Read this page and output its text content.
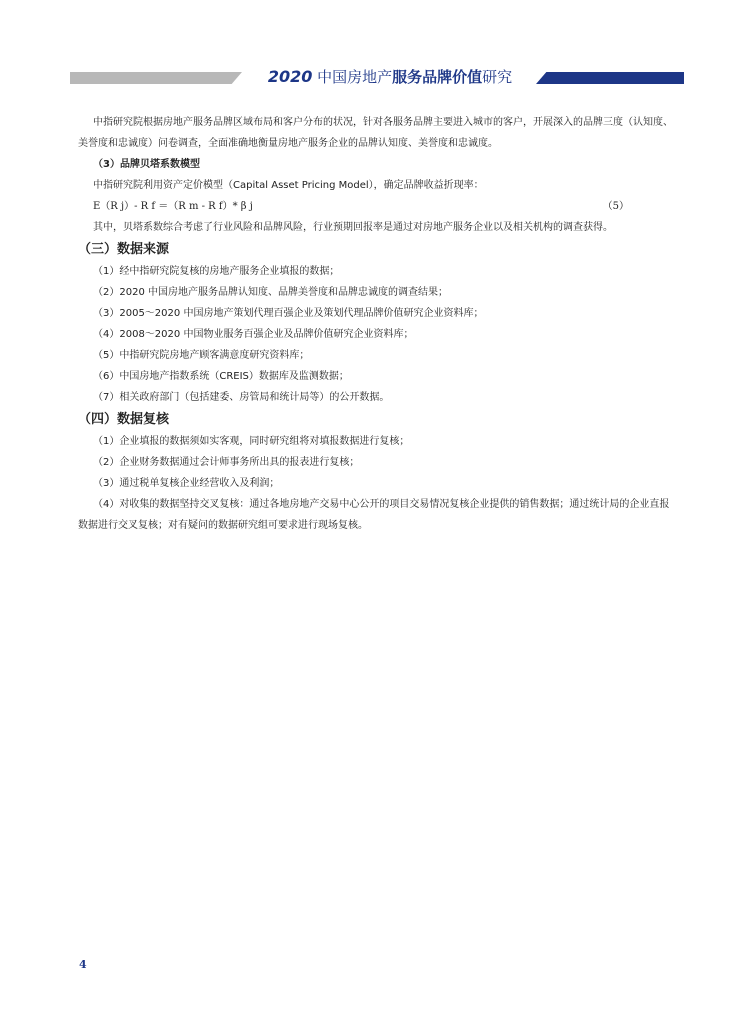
2020 中国房地产服务品牌价值研究

中指研究院根据房地产服务品牌区域布局和客户分布的状况，针对各服务品牌主要进入城市的客户，开展深入的品牌三度（认知度、美誉度和忠诚度）问卷调查，全面准确地衡量房地产服务企业的品牌认知度、美誉度和忠诚度。

（3）品牌贝塔系数模型

中指研究院利用资产定价模型（Capital Asset Pricing Model），确定品牌收益折现率：

E（R j）- R f ＝（R m - R f）* β j	（5）

其中，贝塔系数综合考虑了行业风险和品牌风险，行业预期回报率是通过对房地产服务企业以及相关机构的调查获得。

（三）数据来源

（1）经中指研究院复核的房地产服务企业填报的数据；

（2）2020 中国房地产服务品牌认知度、品牌美誉度和品牌忠诚度的调查结果；

（3）2005～2020 中国房地产策划代理百强企业及策划代理品牌价值研究企业资料库；

（4）2008～2020 中国物业服务百强企业及品牌价值研究企业资料库；

（5）中指研究院房地产顾客满意度研究资料库；

（6）中国房地产指数系统（CREIS）数据库及监测数据；

（7）相关政府部门（包括建委、房管局和统计局等）的公开数据。

（四）数据复核

（1）企业填报的数据须如实客观，同时研究组将对填报数据进行复核；

（2）企业财务数据通过会计师事务所出具的报表进行复核；

（3）通过税单复核企业经营收入及利润；

（4）对收集的数据坚持交叉复核：通过各地房地产交易中心公开的项目交易情况复核企业提供的销售数据；通过统计局的企业直报数据进行交叉复核；对有疑问的数据研究组可要求进行现场复核。

4
